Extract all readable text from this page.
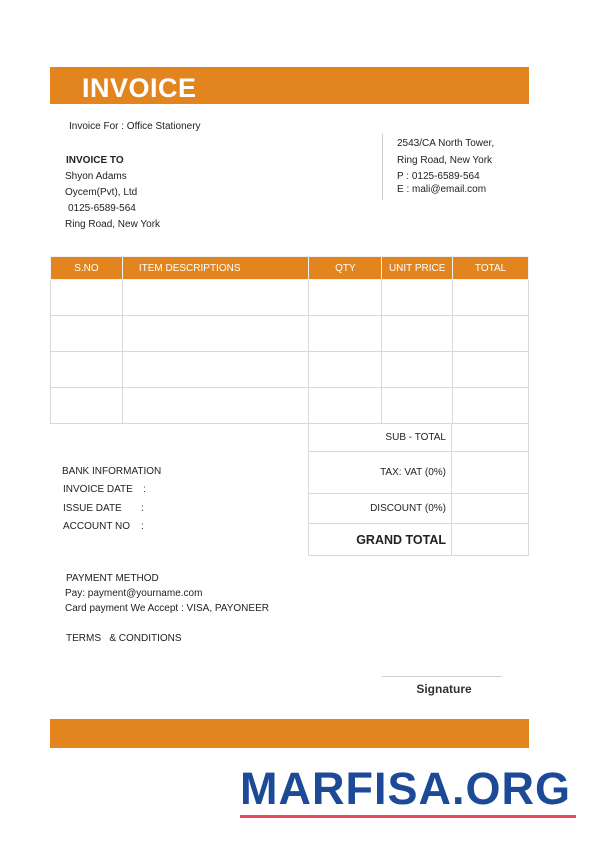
INVOICE
Invoice For : Office Stationery
INVOICE TO
Shyon Adams
Oycem(Pvt), Ltd
0125-6589-564
Ring Road, New York
2543/CA North Tower,
Ring Road, New York
P : 0125-6589-564
E : mali@email.com
S.NO	ITEM DESCRIPTIONS	QTY	UNIT PRICE	TOTAL

SUB - TOTAL	
TAX: VAT (0%)	
DISCOUNT (0%)	
GRAND TOTAL	
BANK INFORMATION
INVOICE DATE :
ISSUE DATE :
ACCOUNT NO :
PAYMENT METHOD
Pay: payment@yourname.com
Card payment We Accept : VISA, PAYONEER
TERMS   & CONDITIONS
Signature
MARFISA.ORG
